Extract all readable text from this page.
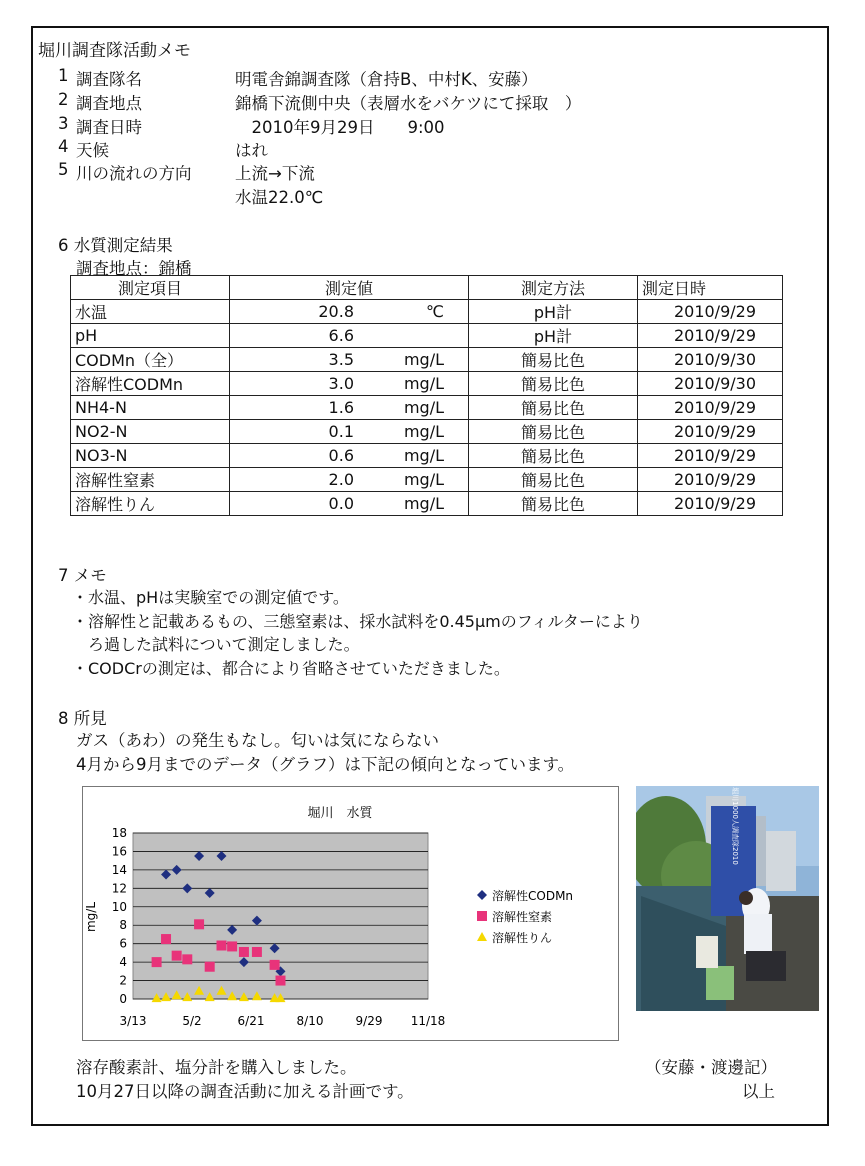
堀川調査隊活動メモ
1 調査隊名	明電舎錦調査隊（倉持B、中村K、安藤）
2 調査地点	錦橋下流側中央（表層水をバケツにて採取　）
3 調査日時	　2010年9月29日　　9:00
4 天候	はれ
5 川の流れの方向	上流→下流
水温22.0℃
6 水質測定結果
調査地点：錦橋
測定項目	測定値	測定方法	測定日時
水温	20.8 ℃	pH計	2010/9/29
pH	6.6	pH計	2010/9/29
CODMn（全）	3.5 mg/L	簡易比色	2010/9/30
溶解性CODMn	3.0 mg/L	簡易比色	2010/9/30
NH4-N	1.6 mg/L	簡易比色	2010/9/29
NO2-N	0.1 mg/L	簡易比色	2010/9/29
NO3-N	0.6 mg/L	簡易比色	2010/9/29
溶解性窒素	2.0 mg/L	簡易比色	2010/9/29
溶解性りん	0.0 mg/L	簡易比色	2010/9/29
7 メモ
・水温、pHは実験室での測定値です。
・溶解性と記載あるもの、三態窒素は、採水試料を0.45μmのフィルターにより
　ろ過した試料について測定しました。
・CODCrの測定は、都合により省略させていただきました。
8 所見
ガス（あわ）の発生もなし。匂いは気にならない
4月から9月までのデータ（グラフ）は下記の傾向となっています。
堀川　水質
0
2
4
6
8
10
12
14
16
18
3/13	5/2	6/21	8/10	9/29 11/18
mg/L
溶解性CODMn
溶解性窒素
溶解性りん
堀川1000人調査隊2010
溶存酸素計、塩分計を購入しました。
10月27日以降の調査活動に加える計画です。
（安藤・渡邊記）
以上
